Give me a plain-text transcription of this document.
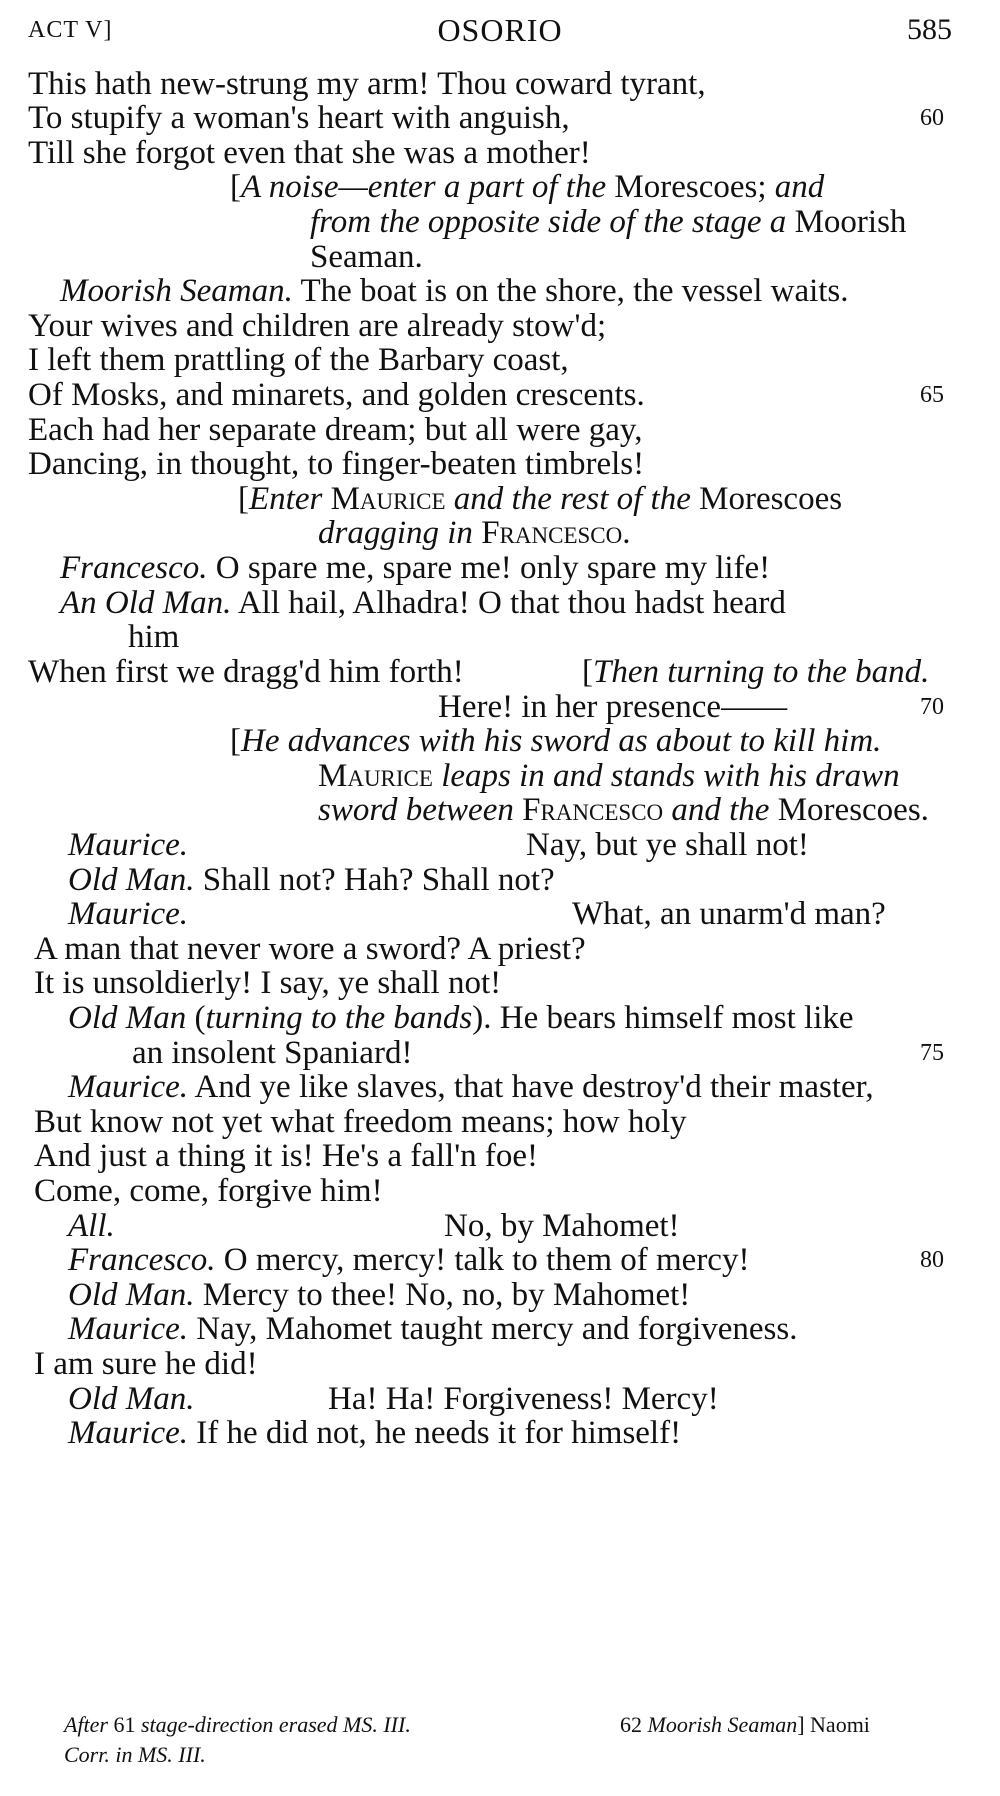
ACT V]	OSORIO	585
This hath new-strung my arm! Thou coward tyrant,
To stupify a woman's heart with anguish,	60
Till she forgot even that she was a mother!
[A noise—enter a part of the Morescoes; and
from the opposite side of the stage a Moorish
Seaman.
Moorish Seaman. The boat is on the shore, the vessel waits.
Your wives and children are already stow'd;
I left them prattling of the Barbary coast,
Of Mosks, and minarets, and golden crescents.	65
Each had her separate dream; but all were gay,
Dancing, in thought, to finger-beaten timbrels!
[Enter Maurice and the rest of the Morescoes
dragging in Francesco.
Francesco. O spare me, spare me! only spare my life!
An Old Man. All hail, Alhadra! O that thou hadst heard
him
When first we dragg'd him forth!	[Then turning to the band.
Here! in her presence——	70
[He advances with his sword as about to kill him.
Maurice leaps in and stands with his drawn
sword between Francesco and the Morescoes.
Maurice.	Nay, but ye shall not!
Old Man. Shall not? Hah? Shall not?
Maurice.	What, an unarm'd man?
A man that never wore a sword? A priest?
It is unsoldierly! I say, ye shall not!
Old Man (turning to the bands). He bears himself most like
an insolent Spaniard!	75
Maurice. And ye like slaves, that have destroy'd their master,
But know not yet what freedom means; how holy
And just a thing it is! He's a fall'n foe!
Come, come, forgive him!
All.	No, by Mahomet!
Francesco. O mercy, mercy! talk to them of mercy!	80
Old Man. Mercy to thee! No, no, by Mahomet!
Maurice. Nay, Mahomet taught mercy and forgiveness.
I am sure he did!
Old Man.	Ha! Ha! Forgiveness! Mercy!
Maurice. If he did not, he needs it for himself!
After 61 stage-direction erased MS. III.	62 Moorish Seaman] Naomi
Corr. in MS. III.
